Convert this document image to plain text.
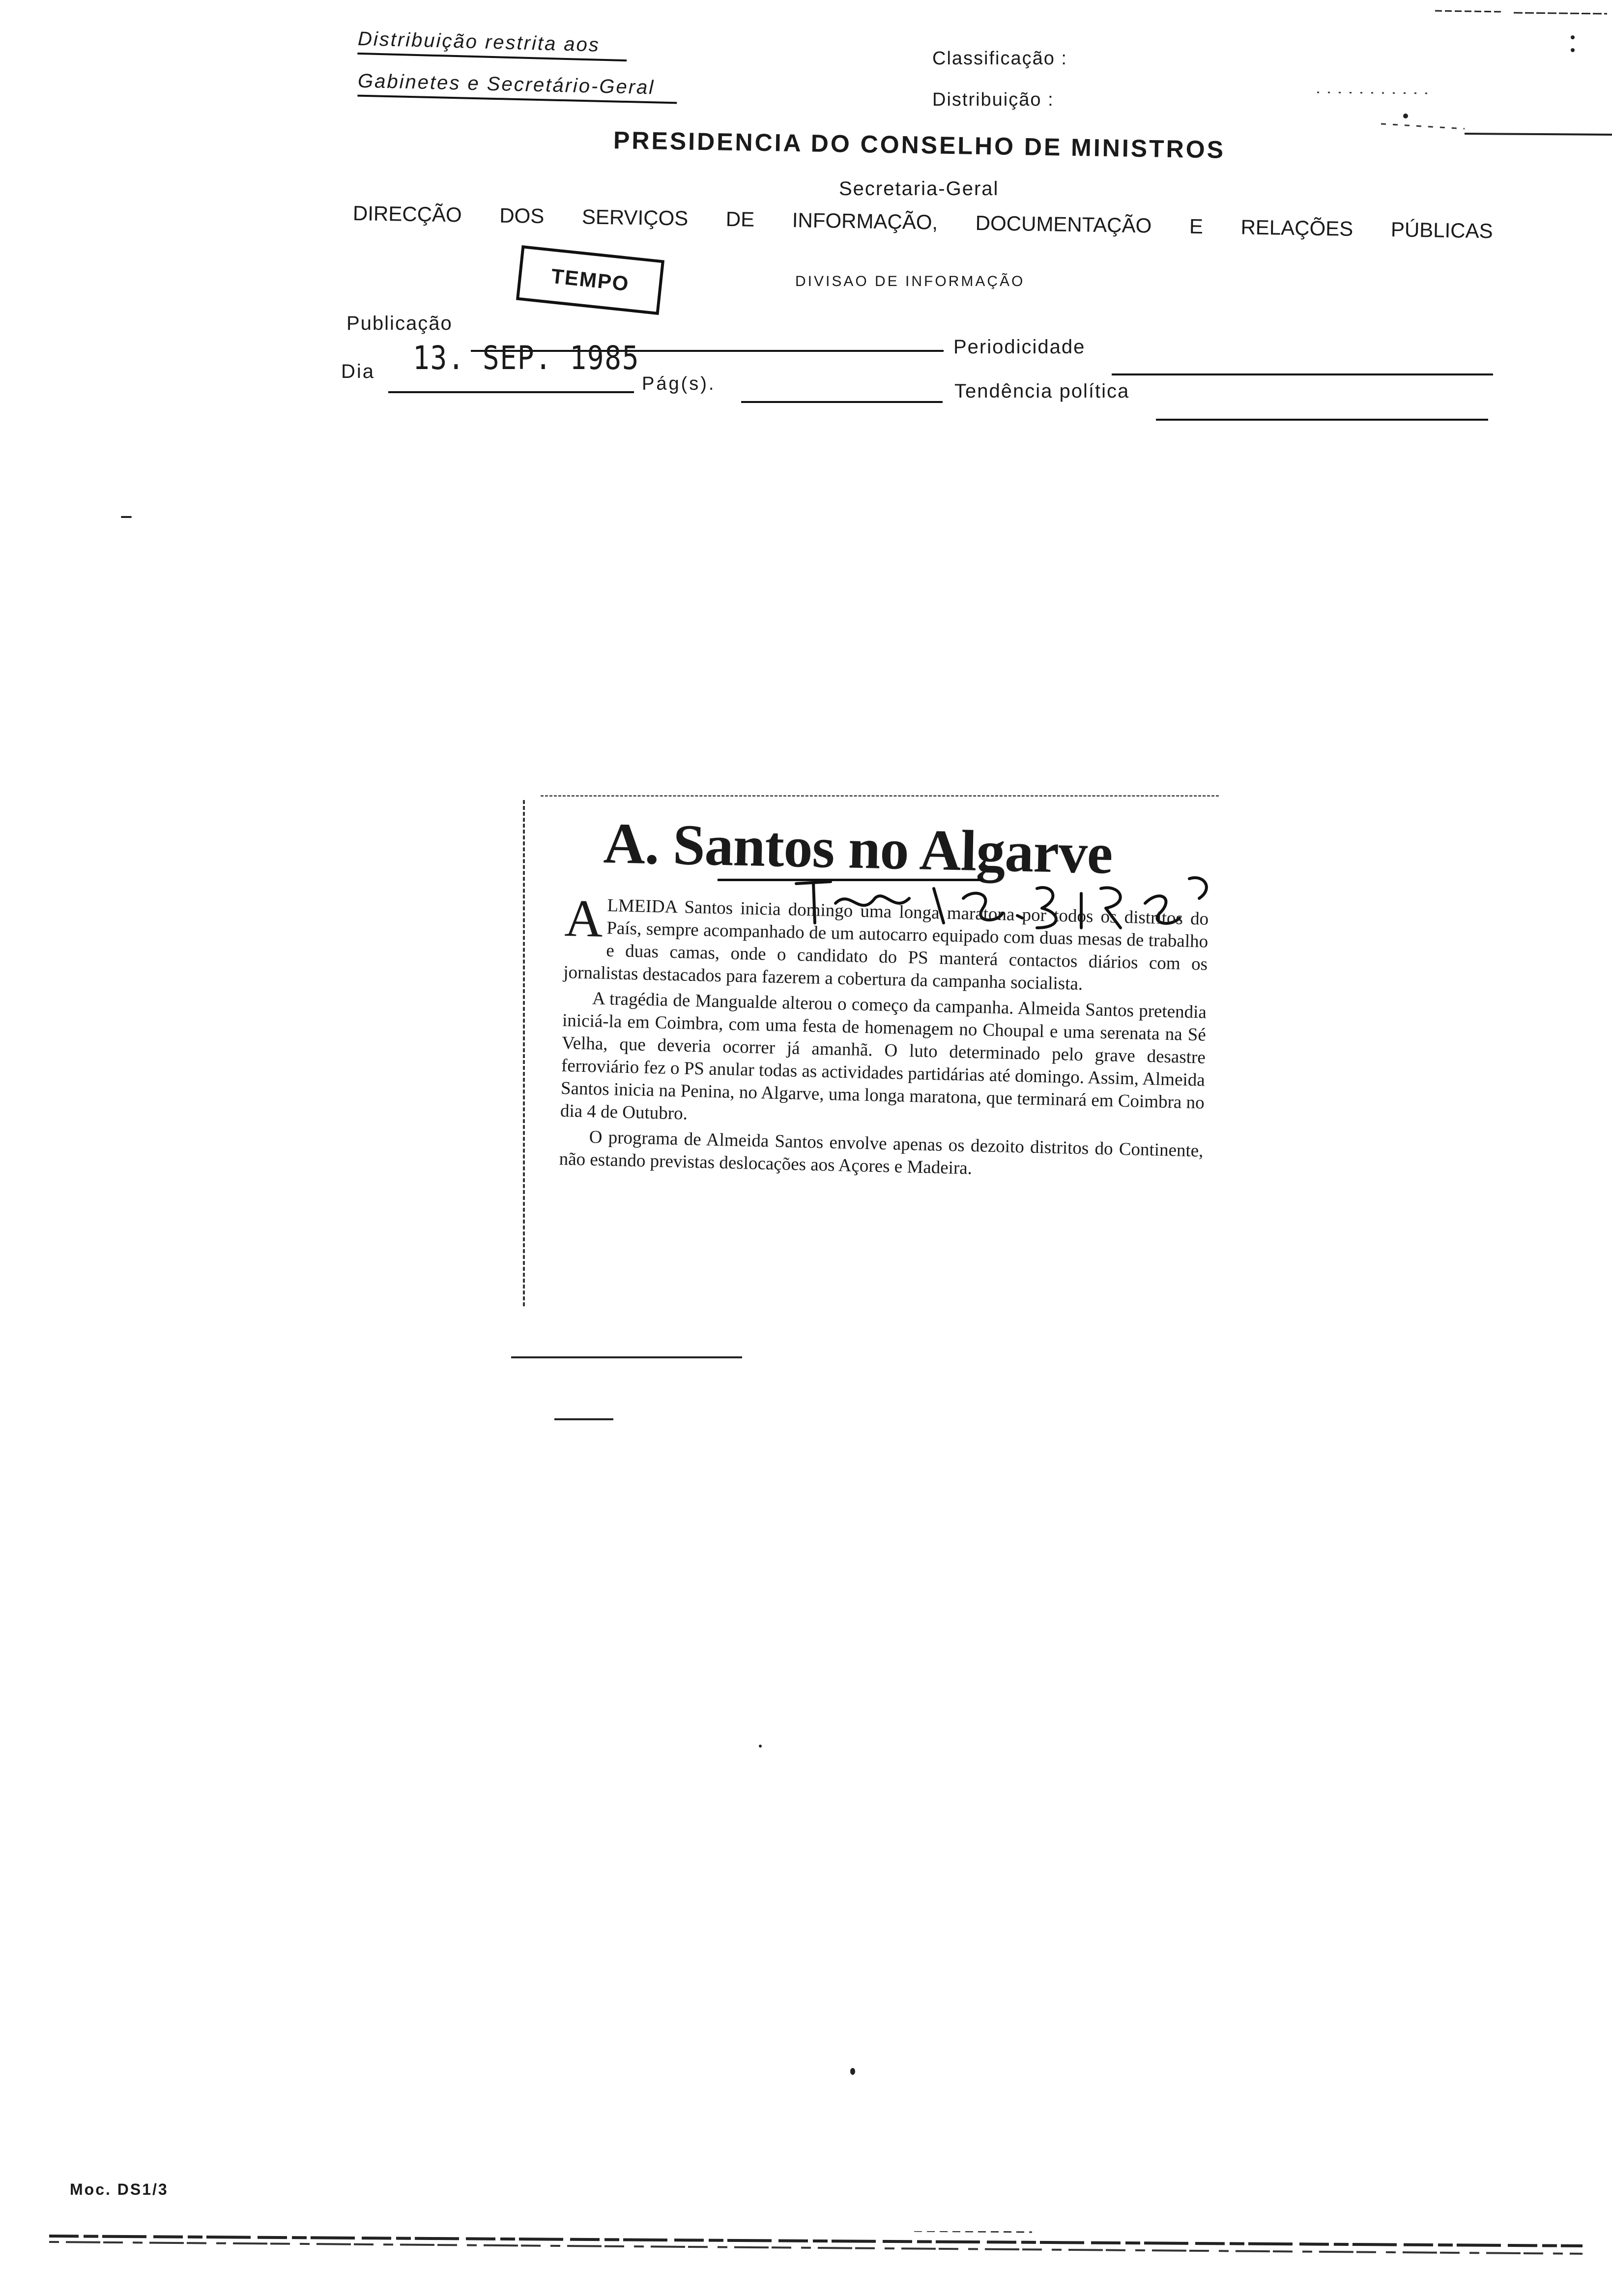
Distribuição restrita aos
Gabinetes e Secretário-Geral
Classificação :
Distribuição :
PRESIDENCIA DO CONSELHO DE MINISTROS
Secretaria-Geral
DIRECÇÃO DOS SERVIÇOS DE INFORMAÇÃO, DOCUMENTAÇÃO E RELAÇÕES PÚBLICAS
TEMPO	DIVISAO DE INFORMAÇÃO
Publicação
Periodicidade
Dia 13. SEP. 1985
Pág(s).	Tendência política
A. Santos no Algarve

ALMEIDA Santos inicia domingo uma longa maratona por todos os distritos do País, sempre acompanhado de um autocarro equipado com duas mesas de trabalho e duas camas, onde o candidato do PS manterá contactos diários com os jornalistas destacados para fazerem a cobertura da campanha socialista.

A tragédia de Mangualde alterou o começo da campanha. Almeida Santos pretendia iniciá-la em Coimbra, com uma festa de homenagem no Choupal e uma serenata na Sé Velha, que deveria ocorrer já amanhã. O luto determinado pelo grave desastre ferroviário fez o PS anular todas as actividades partidárias até domingo. Assim, Almeida Santos inicia na Penina, no Algarve, uma longa maratona, que terminará em Coimbra no dia 4 de Outubro.

O programa de Almeida Santos envolve apenas os dezoito distritos do Continente, não estando previstas deslocações aos Açores e Madeira.

Moc. DS1/3
